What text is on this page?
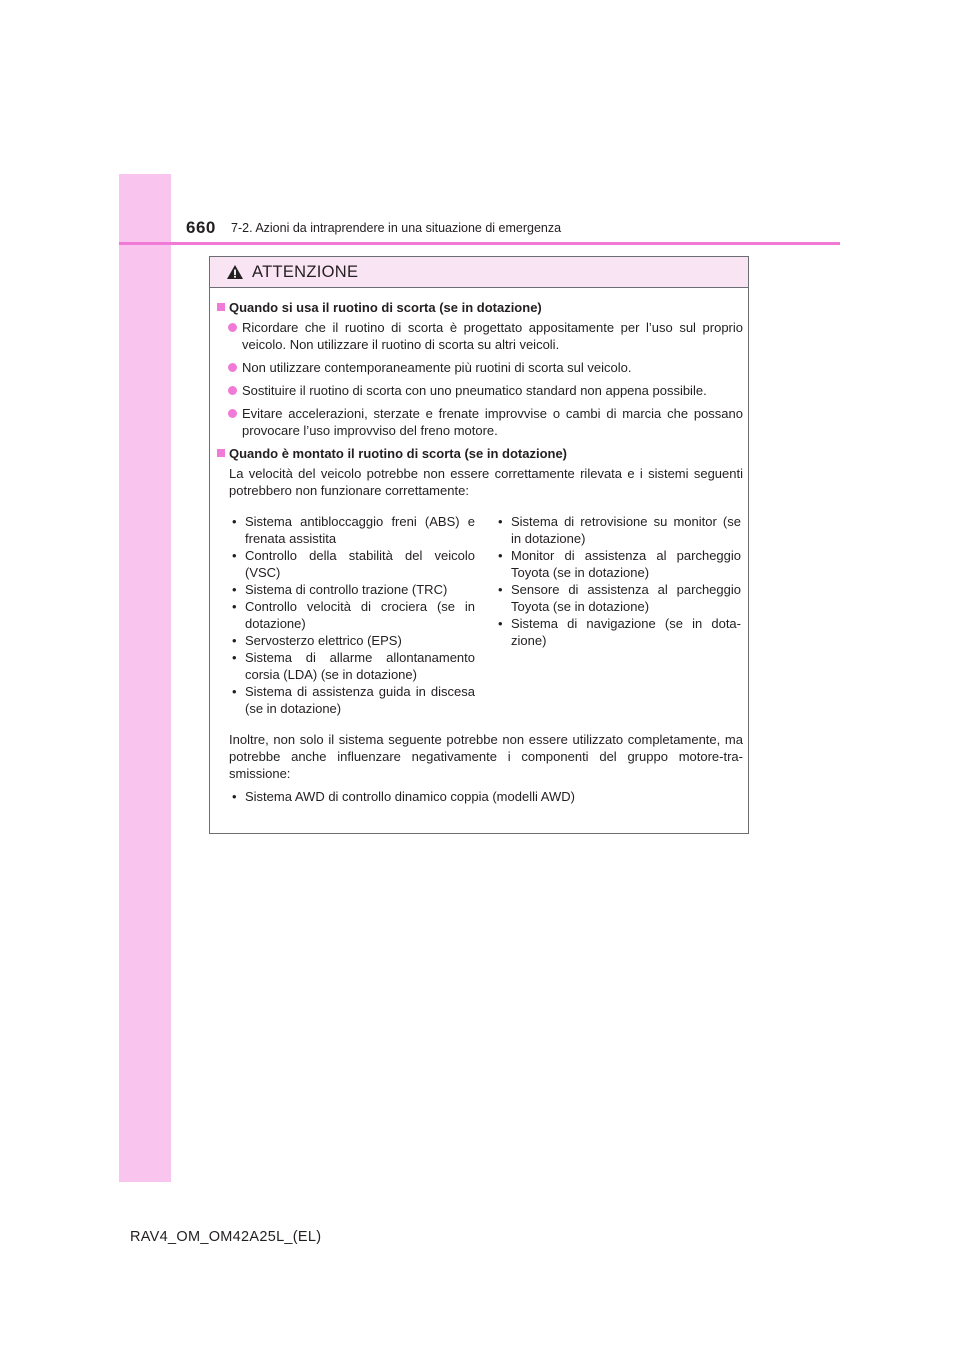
660 7-2. Azioni da intraprendere in una situazione di emergenza
ATTENZIONE
Quando si usa il ruotino di scorta (se in dotazione)
Ricordare che il ruotino di scorta è progettato appositamente per l’uso sul proprio veicolo. Non utilizzare il ruotino di scorta su altri veicoli.
Non utilizzare contemporaneamente più ruotini di scorta sul veicolo.
Sostituire il ruotino di scorta con uno pneumatico standard non appena possibile.
Evitare accelerazioni, sterzate e frenate improvvise o cambi di marcia che possano provocare l’uso improvviso del freno motore.
Quando è montato il ruotino di scorta (se in dotazione)
La velocità del veicolo potrebbe non essere correttamente rilevata e i sistemi seguenti potrebbero non funzionare correttamente:
• Sistema antibloccaggio freni (ABS) e frenata assistita
• Controllo della stabilità del veicolo (VSC)
• Sistema di controllo trazione (TRC)
• Controllo velocità di crociera (se in dotazione)
• Servosterzo elettrico (EPS)
• Sistema di allarme allontanamento corsia (LDA) (se in dotazione)
• Sistema di assistenza guida in discesa (se in dotazione)
• Sistema di retrovisione su monitor (se in dotazione)
• Monitor di assistenza al parcheggio Toyota (se in dotazione)
• Sensore di assistenza al parcheggio Toyota (se in dotazione)
• Sistema di navigazione (se in dota- zione)
Inoltre, non solo il sistema seguente potrebbe non essere utilizzato completamente, ma potrebbe anche influenzare negativamente i componenti del gruppo motore-tra- smissione:
• Sistema AWD di controllo dinamico coppia (modelli AWD)
RAV4_OM_OM42A25L_(EL)
